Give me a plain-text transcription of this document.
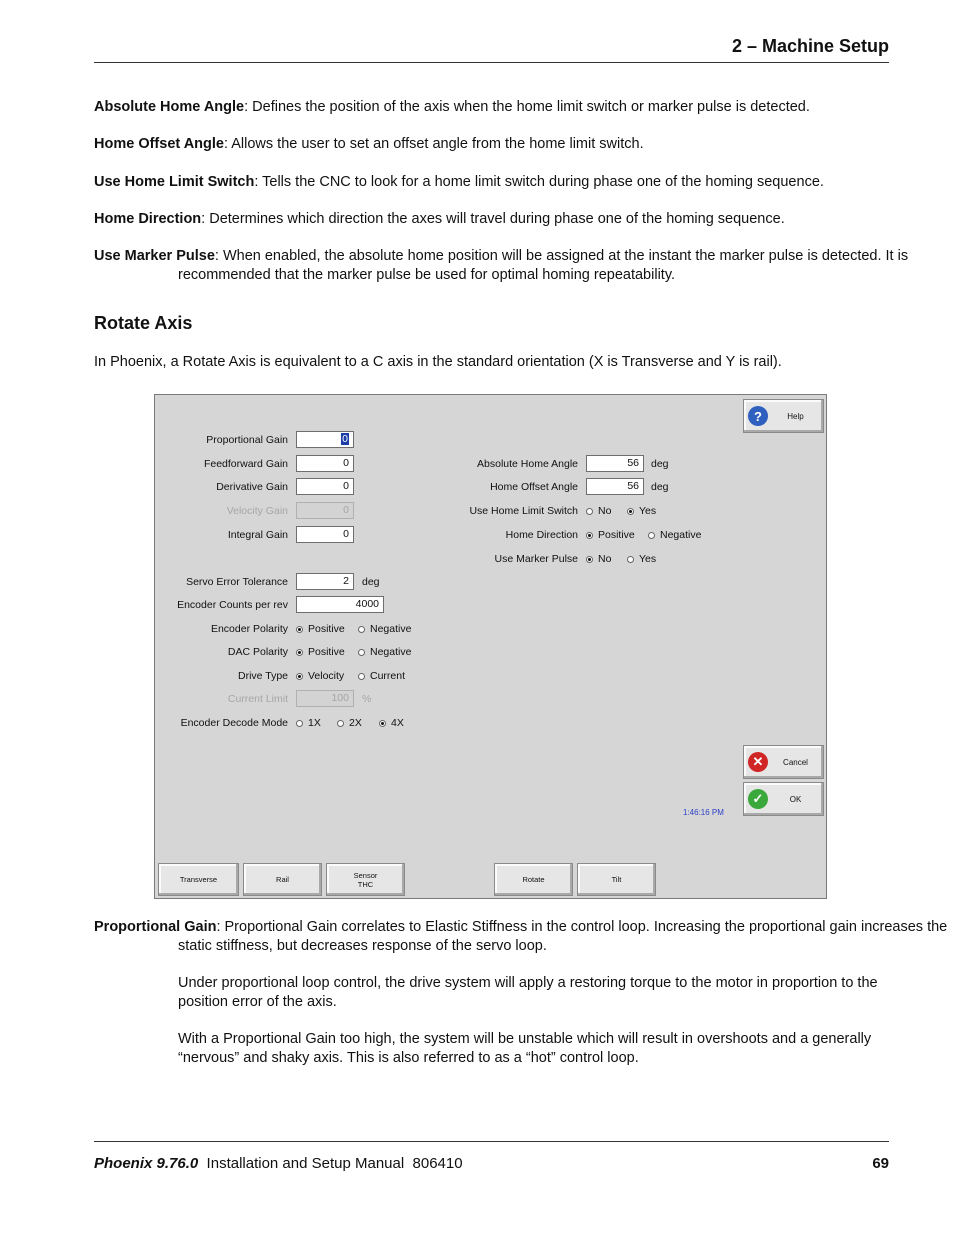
2 – Machine Setup
Absolute Home Angle: Defines the position of the axis when the home limit switch or marker pulse is detected.
Home Offset Angle: Allows the user to set an offset angle from the home limit switch.
Use Home Limit Switch: Tells the CNC to look for a home limit switch during phase one of the homing sequence.
Home Direction: Determines which direction the axes will travel during phase one of the homing sequence.
Use Marker Pulse: When enabled, the absolute home position will be assigned at the instant the marker pulse is detected. It is recommended that the marker pulse be used for optimal homing repeatability.
Rotate Axis
In Phoenix, a Rotate Axis is equivalent to a C axis in the standard orientation (X is Transverse and Y is rail).
Proportional Gain	0
Feedforward Gain	0
Derivative Gain	0
Velocity Gain	0
Integral Gain	0
Servo Error Tolerance	2	deg
Encoder Counts per rev	4000
Encoder Polarity Positive Negative
DAC Polarity Positive Negative
Drive Type Velocity Current
Current Limit	100	%
Encoder Decode Mode 1X	2X	4X
Absolute Home Angle	56	deg
Home Offset Angle	56	deg
Use Home Limit Switch No	Yes
Home Direction Positive Negative
Use Marker Pulse No	Yes
?	Help
✕	Cancel
✓	OK
1:46:16 PM
Transverse	Rail	Sensor
THC	Rotate	Tilt
Proportional Gain: Proportional Gain correlates to Elastic Stiffness in the control loop. Increasing the proportional gain increases the static stiffness, but decreases response of the servo loop.
Under proportional loop control, the drive system will apply a restoring torque to the motor in proportion to the position error of the axis.
With a Proportional Gain too high, the system will be unstable which will result in overshoots and a generally “nervous” and shaky axis. This is also referred to as a “hot” control loop.
Phoenix 9.76.0  Installation and Setup Manual  806410	69
